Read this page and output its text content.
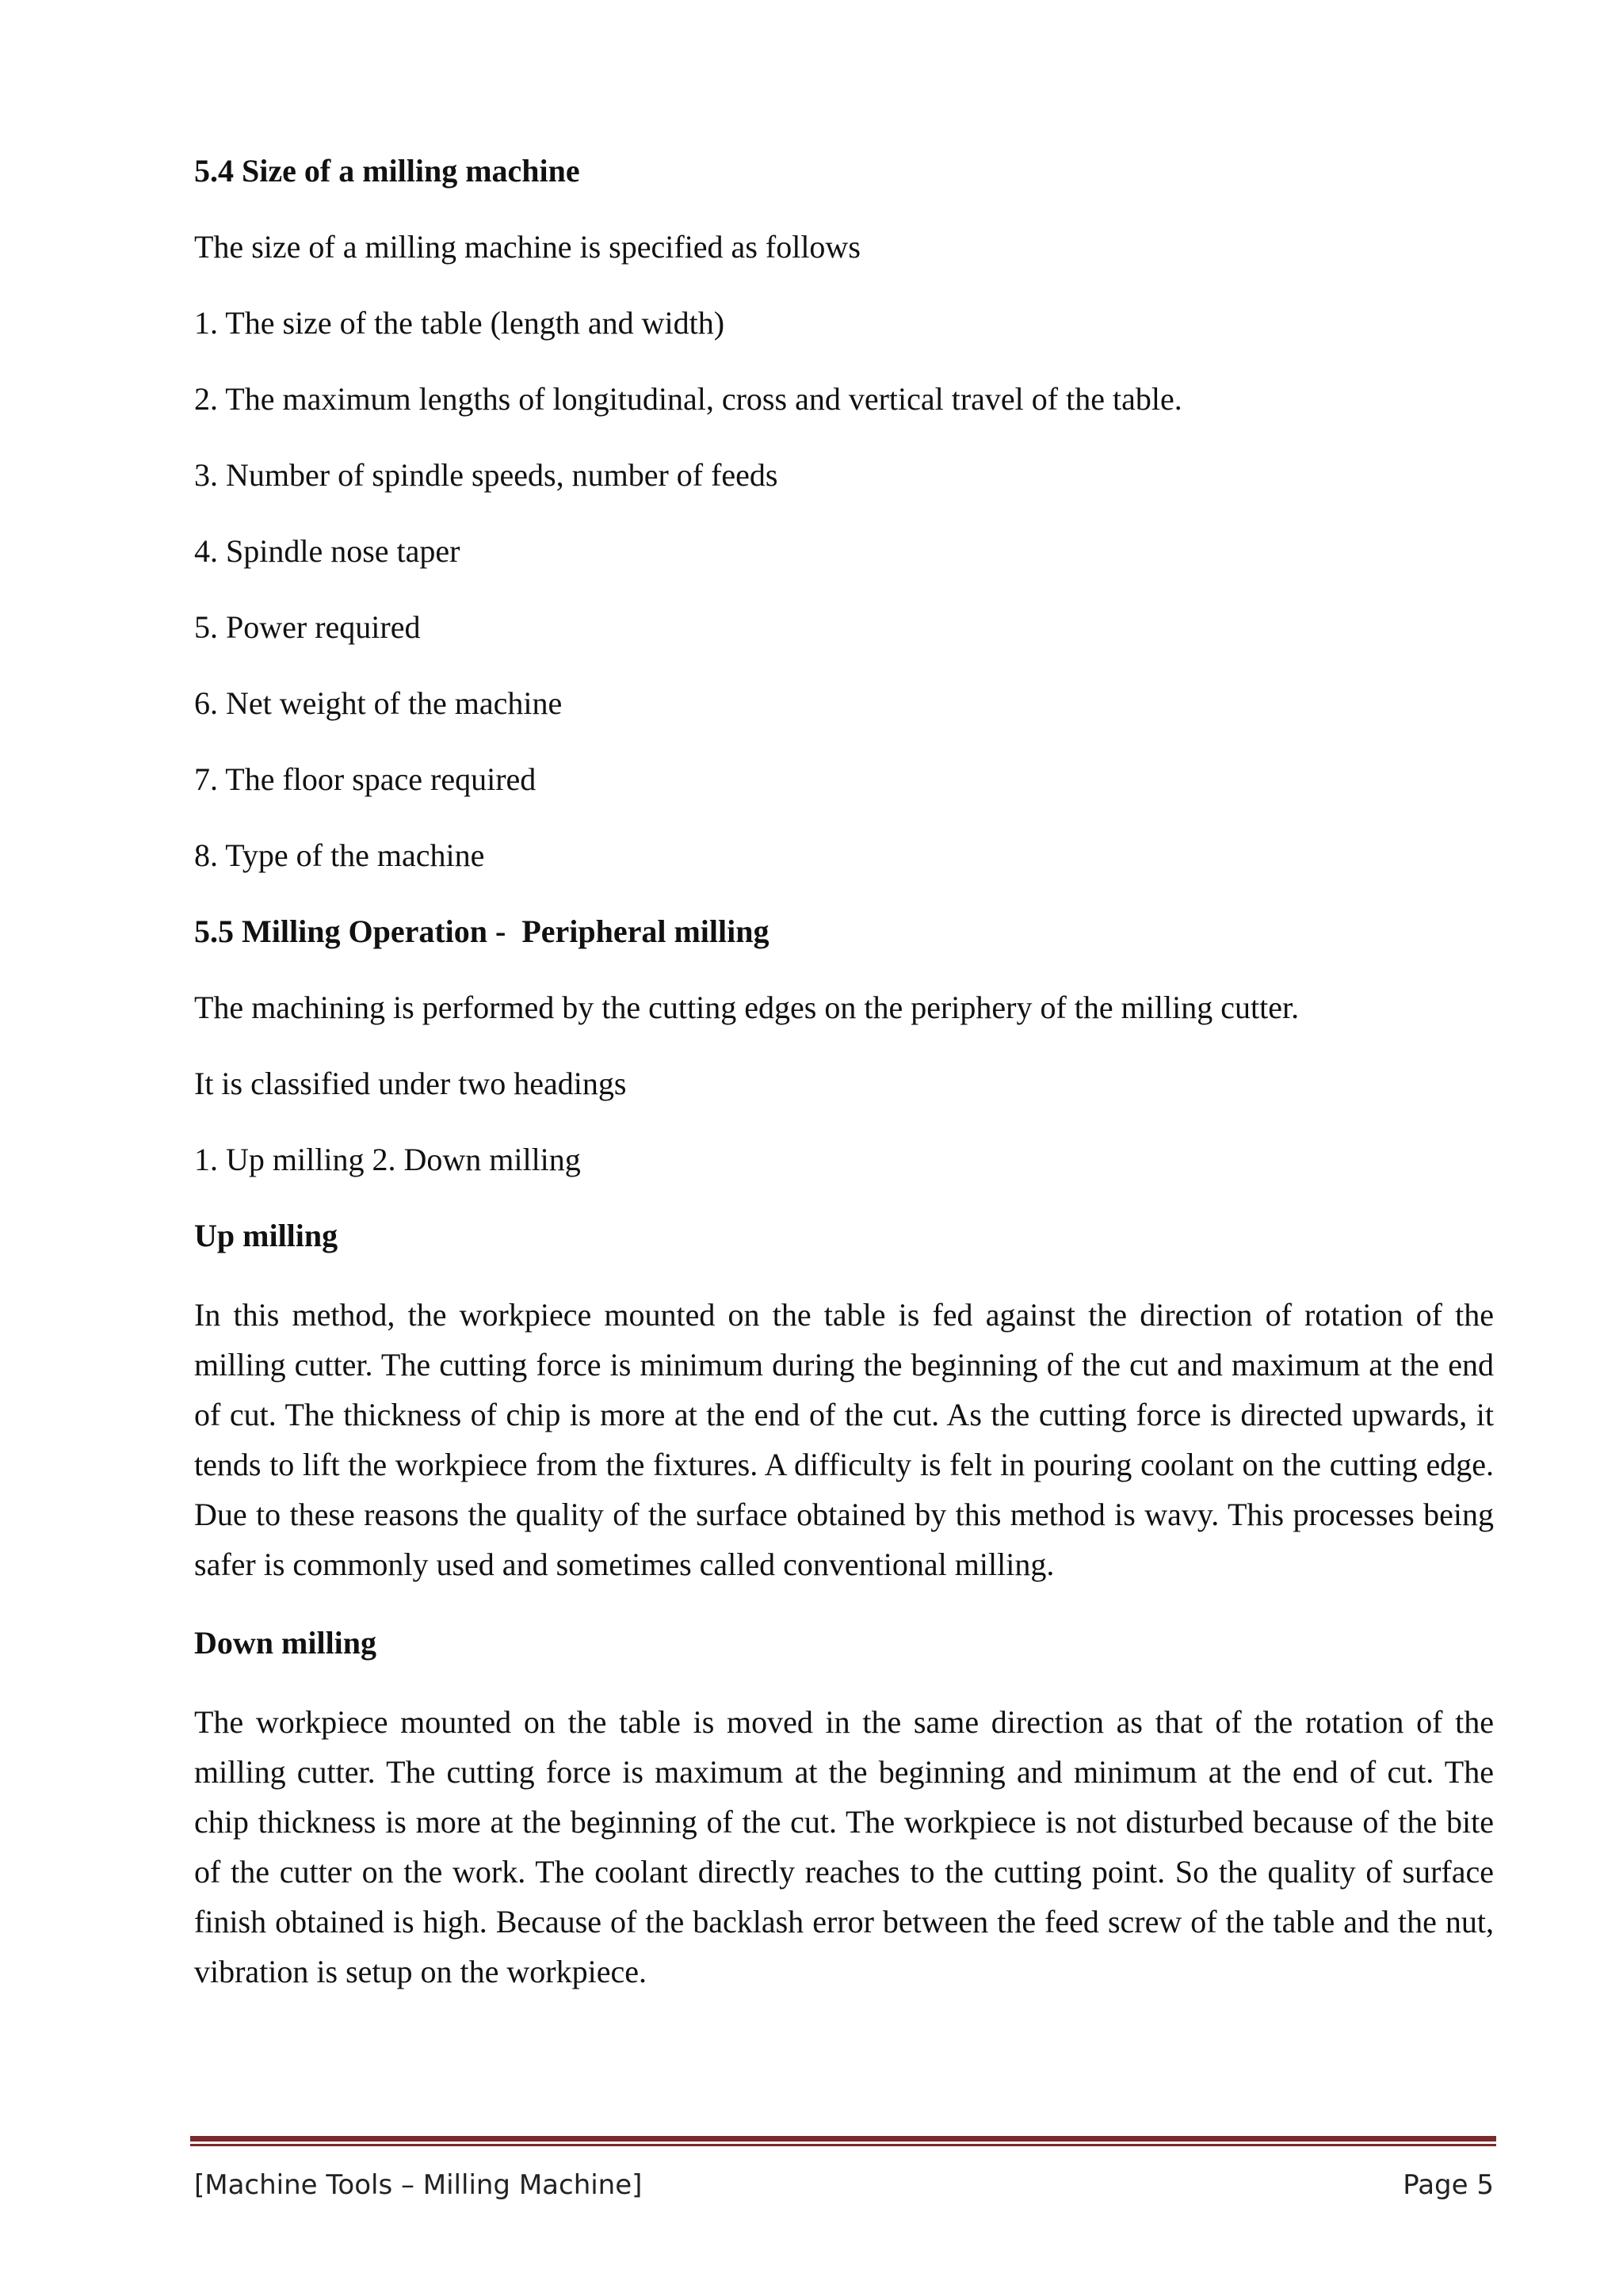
5.4 Size of a milling machine
The size of a milling machine is specified as follows
1. The size of the table (length and width)
2. The maximum lengths of longitudinal, cross and vertical travel of the table.
3. Number of spindle speeds, number of feeds
4. Spindle nose taper
5. Power required
6. Net weight of the machine
7. The floor space required
8. Type of the machine
5.5 Milling Operation -  Peripheral milling
The machining is performed by the cutting edges on the periphery of the milling cutter.
It is classified under two headings
1. Up milling 2. Down milling
Up milling
In this method, the workpiece mounted on the table is fed against the direction of rotation of the milling cutter. The cutting force is minimum during the beginning of the cut and maximum at the end of cut. The thickness of chip is more at the end of the cut. As the cutting force is directed upwards, it tends to lift the workpiece from the fixtures. A difficulty is felt in pouring coolant on the cutting edge. Due to these reasons the quality of the surface obtained by this method is wavy. This processes being safer is commonly used and sometimes called conventional milling.
Down milling
The workpiece mounted on the table is moved in the same direction as that of the rotation of the milling cutter. The cutting force is maximum at the beginning and minimum at the end of cut. The chip thickness is more at the beginning of the cut. The workpiece is not disturbed because of the bite of the cutter on the work. The coolant directly reaches to the cutting point. So the quality of surface finish obtained is high. Because of the backlash error between the feed screw of the table and the nut, vibration is setup on the workpiece.
[Machine Tools – Milling Machine]	Page 5
